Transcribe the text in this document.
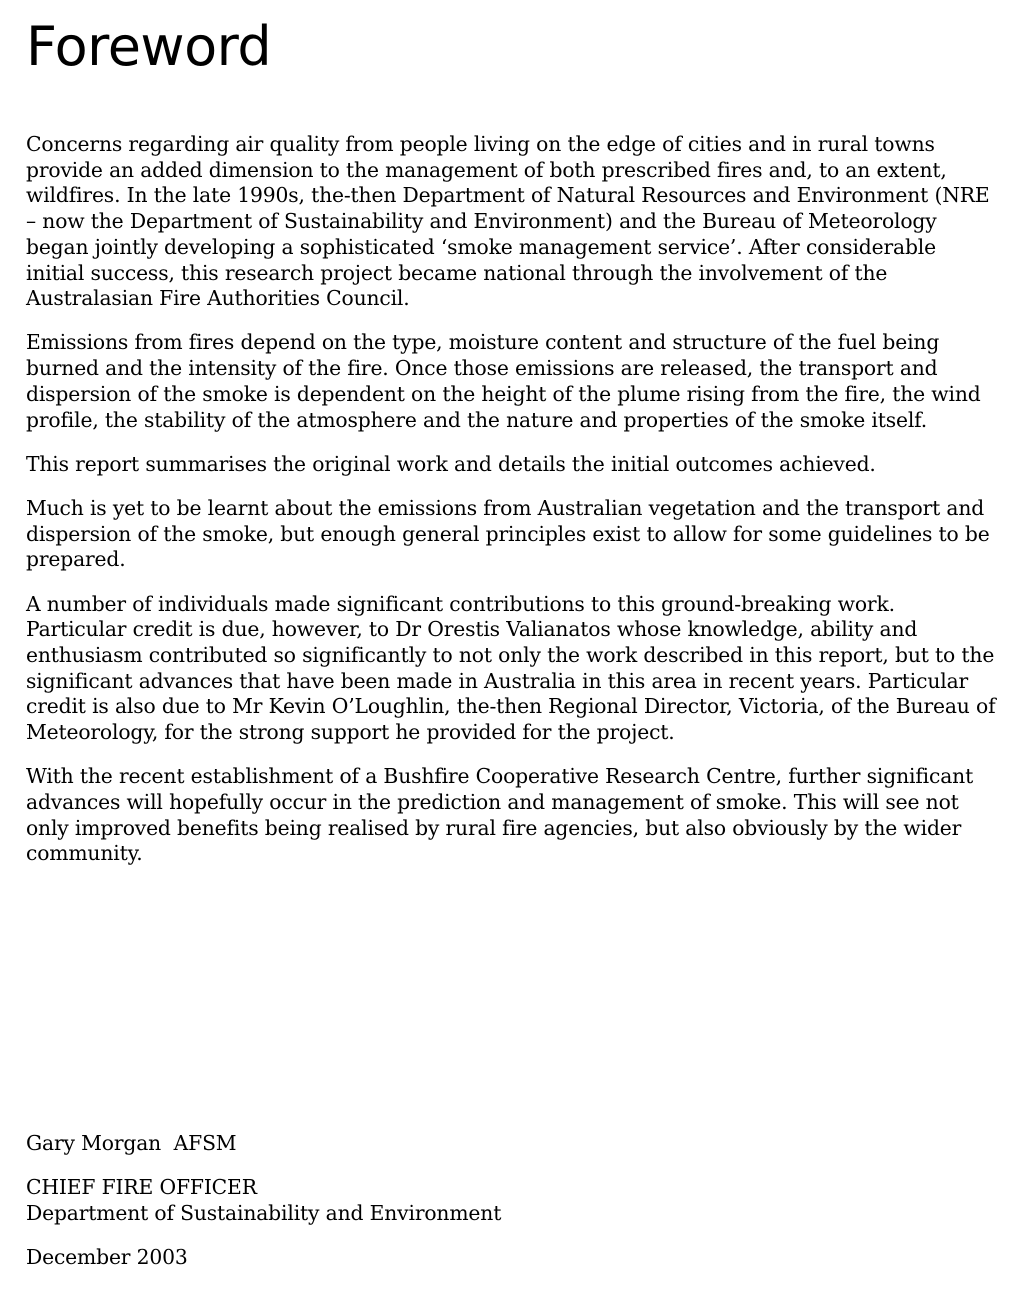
Foreword

Concerns regarding air quality from people living on the edge of cities and in rural towns provide an added dimension to the management of both prescribed fires and, to an extent, wildfires. In the late 1990s, the-then Department of Natural Resources and Environment (NRE – now the Department of Sustainability and Environment) and the Bureau of Meteorology began jointly developing a sophisticated ‘smoke management service’. After considerable initial success, this research project became national through the involvement of the Australasian Fire Authorities Council.

Emissions from fires depend on the type, moisture content and structure of the fuel being burned and the intensity of the fire. Once those emissions are released, the transport and dispersion of the smoke is dependent on the height of the plume rising from the fire, the wind profile, the stability of the atmosphere and the nature and properties of the smoke itself.

This report summarises the original work and details the initial outcomes achieved.

Much is yet to be learnt about the emissions from Australian vegetation and the transport and dispersion of the smoke, but enough general principles exist to allow for some guidelines to be prepared.

A number of individuals made significant contributions to this ground-breaking work. Particular credit is due, however, to Dr Orestis Valianatos whose knowledge, ability and enthusiasm contributed so significantly to not only the work described in this report, but to the significant advances that have been made in Australia in this area in recent years. Particular credit is also due to Mr Kevin O’Loughlin, the-then Regional Director, Victoria, of the Bureau of Meteorology, for the strong support he provided for the project.

With the recent establishment of a Bushfire Cooperative Research Centre, further significant advances will hopefully occur in the prediction and management of smoke. This will see not only improved benefits being realised by rural fire agencies, but also obviously by the wider community.

Gary Morgan  AFSM

CHIEF FIRE OFFICER

Department of Sustainability and Environment

December 2003
